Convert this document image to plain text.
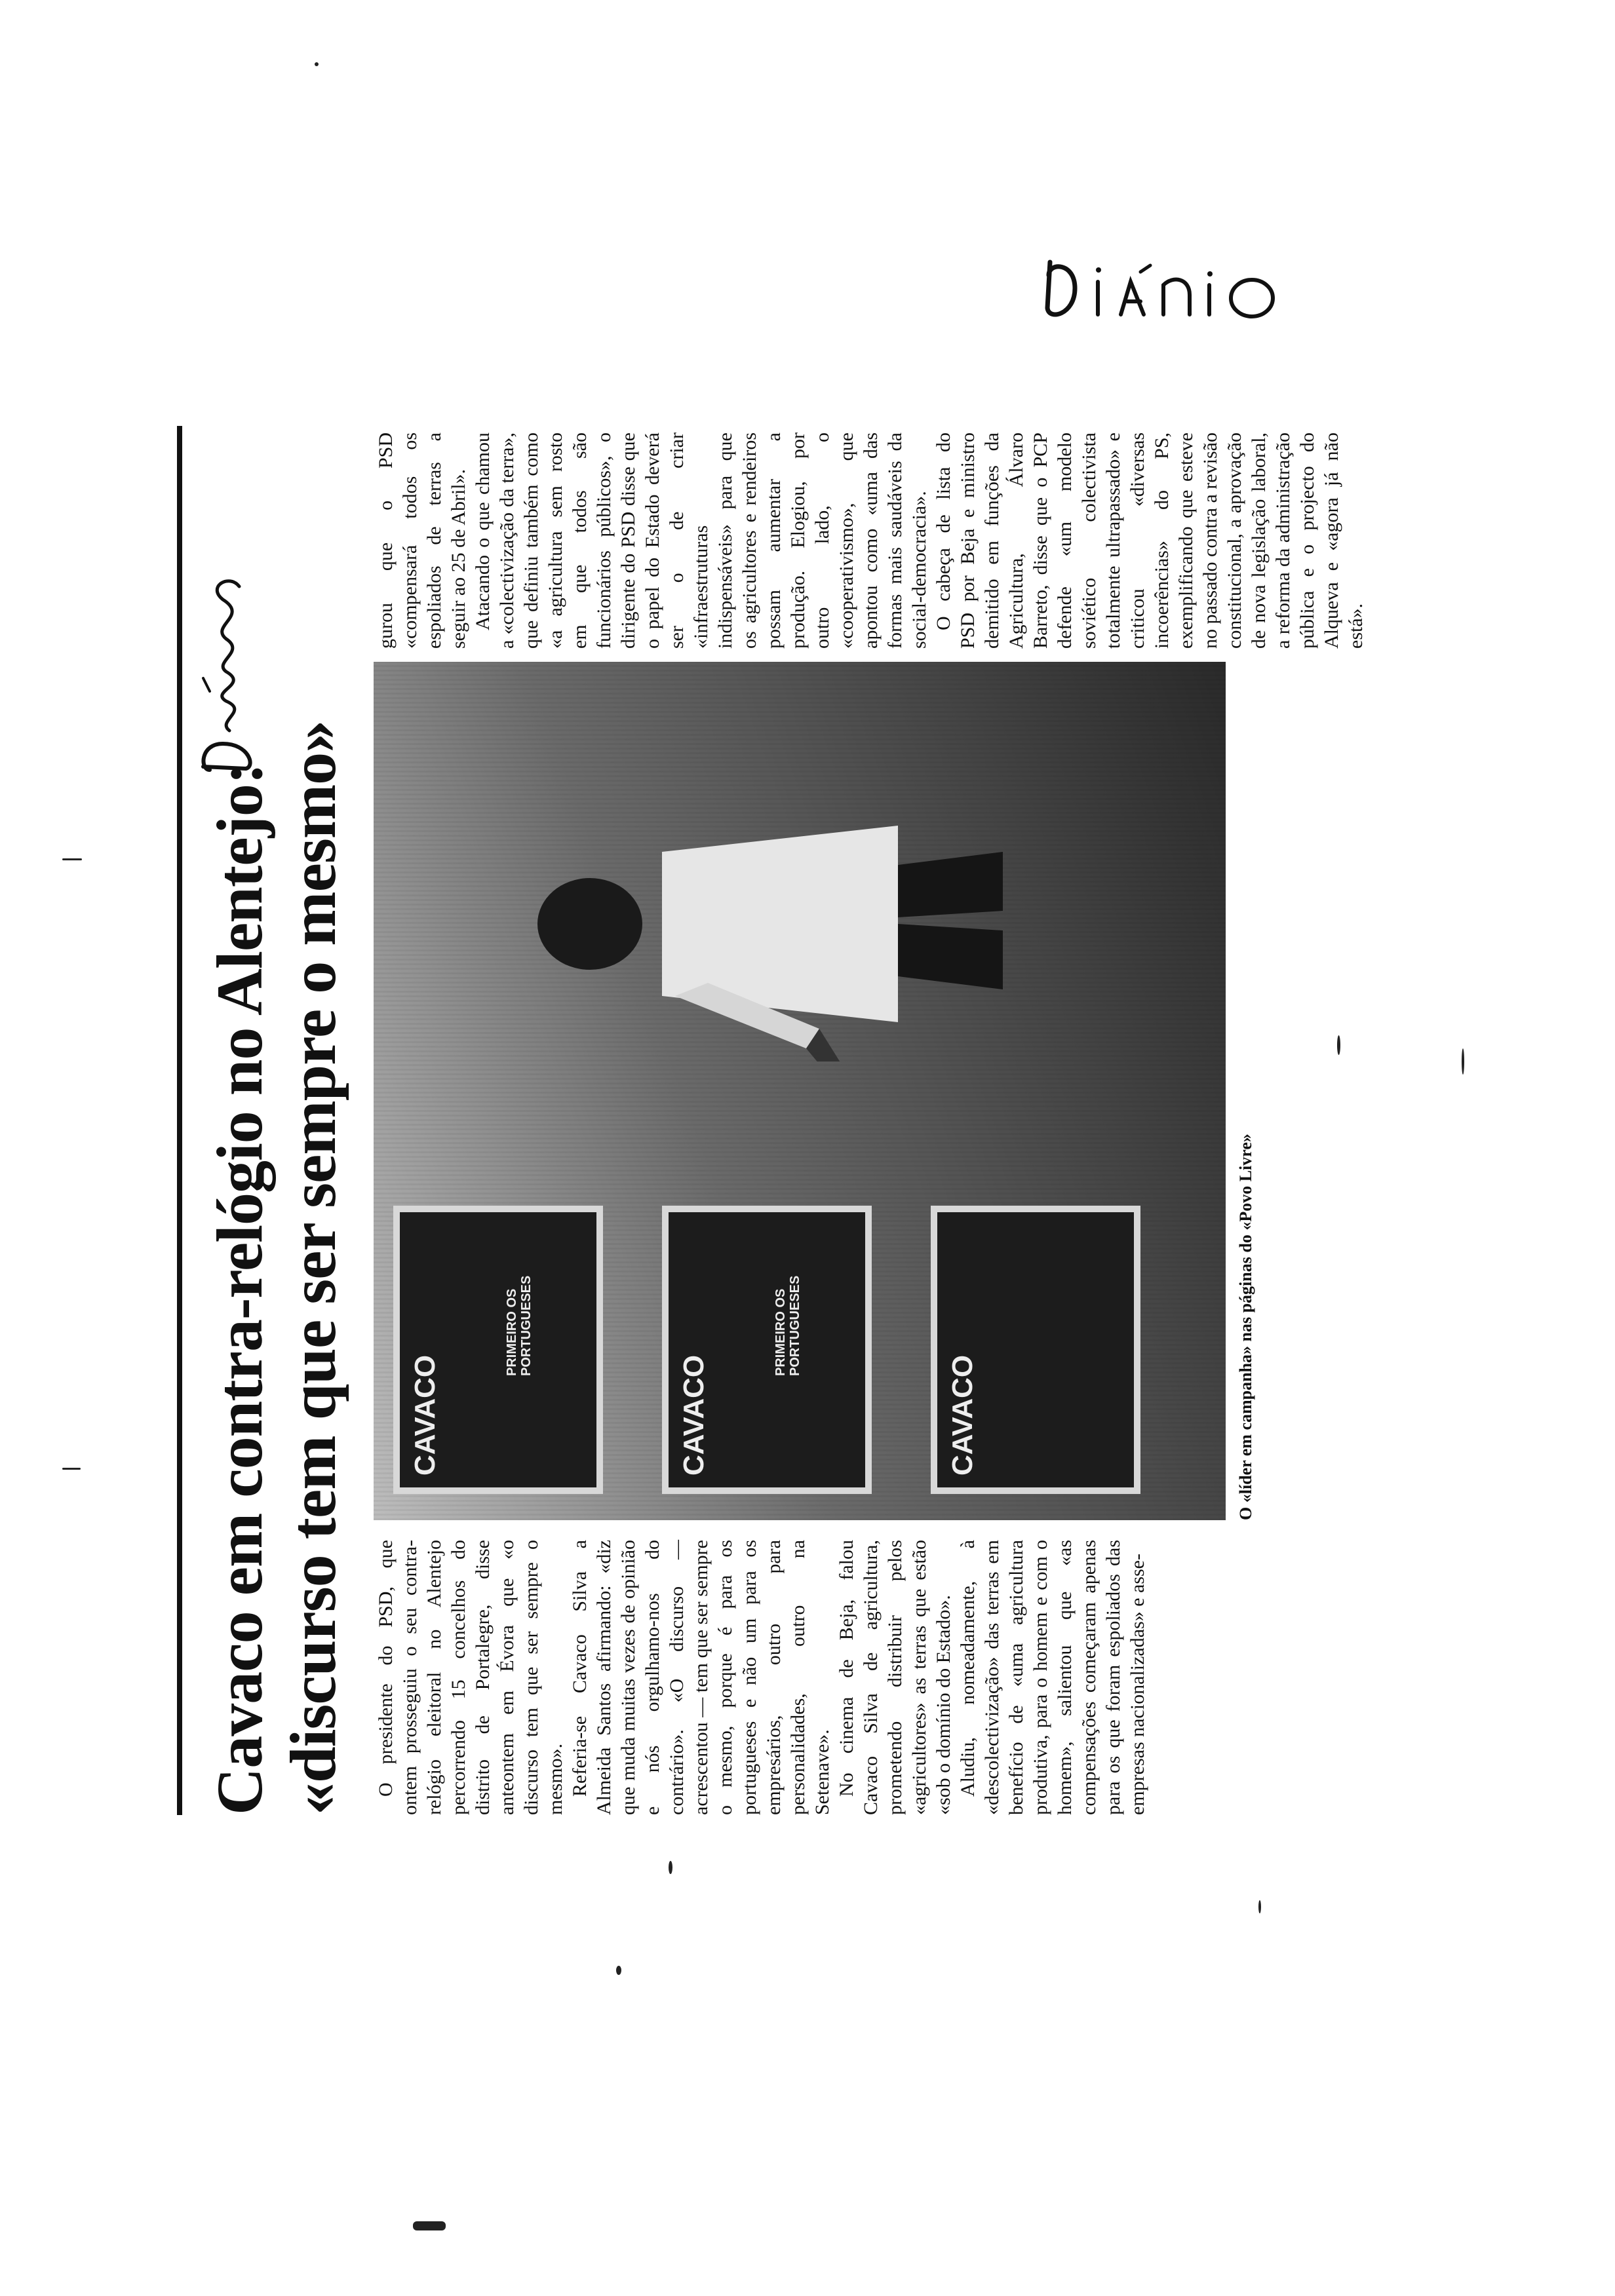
Cavaco em contra-relógio no Alentejo: «discurso tem que ser sempre o mesmo» O presidente do PSD, que ontem prosseguiu o seu contra-relógio eleitoral no Alentejo percorrendo 15 concelhos do distrito de Portalegre, disse anteontem em Évora que «o discurso tem que ser sempre o mesmo». Referia-se Cavaco Silva a Almeida Santos afirmando: «diz que muda muitas vezes de opinião e nós orgulhamo-nos do contrário». «O discurso — acrescentou — tem que ser sempre o mesmo, porque é para os portugueses e não um para os empresários, outro para personalidades, outro na Setenave». No cinema de Beja, falou Cavaco Silva de agricultura, prometendo distribuir pelos «agricultores» as terras que estão «sob o domínio do Estado». Aludiu, nomeadamente, à «descolectivização» das terras em benefício de «uma agricultura produtiva, para o homem e com o homem», salientou que «as compensações começaram apenas para os que foram espoliados das empresas nacionalizadas» e asse-

CAVACO
PRIMEIRO OS PORTUGUESES
CAVACO
PRIMEIRO OS PORTUGUESES
CAVACO	O «líder em campanha» nas páginas do «Povo Livre»

gurou que o PSD «compensará todos os espoliados de terras a seguir ao 25 de Abril». Atacando o que chamou a «colectivização da terra», que definiu também como «a agricultura sem rosto em que todos são funcionários públicos», o dirigente do PSD disse que o papel do Estado deverá ser o de criar «infraestruturas indispensáveis» para que os agricultores e rendeiros possam aumentar a produção. Elogiou, por outro lado, o «cooperativismo», que apontou como «uma das formas mais saudáveis da social-democracia». O cabeça de lista do PSD por Beja e ministro demitido em funções da Agricultura, Álvaro Barreto, disse que o PCP defende «um modelo soviético colectivista totalmente ultrapassado» e criticou «diversas incoerências» do PS, exemplificando que esteve no passado contra a revisão constitucional, a aprovação de nova legislação laboral, a reforma da administração pública e o projecto do Alqueva e «agora já não está».
